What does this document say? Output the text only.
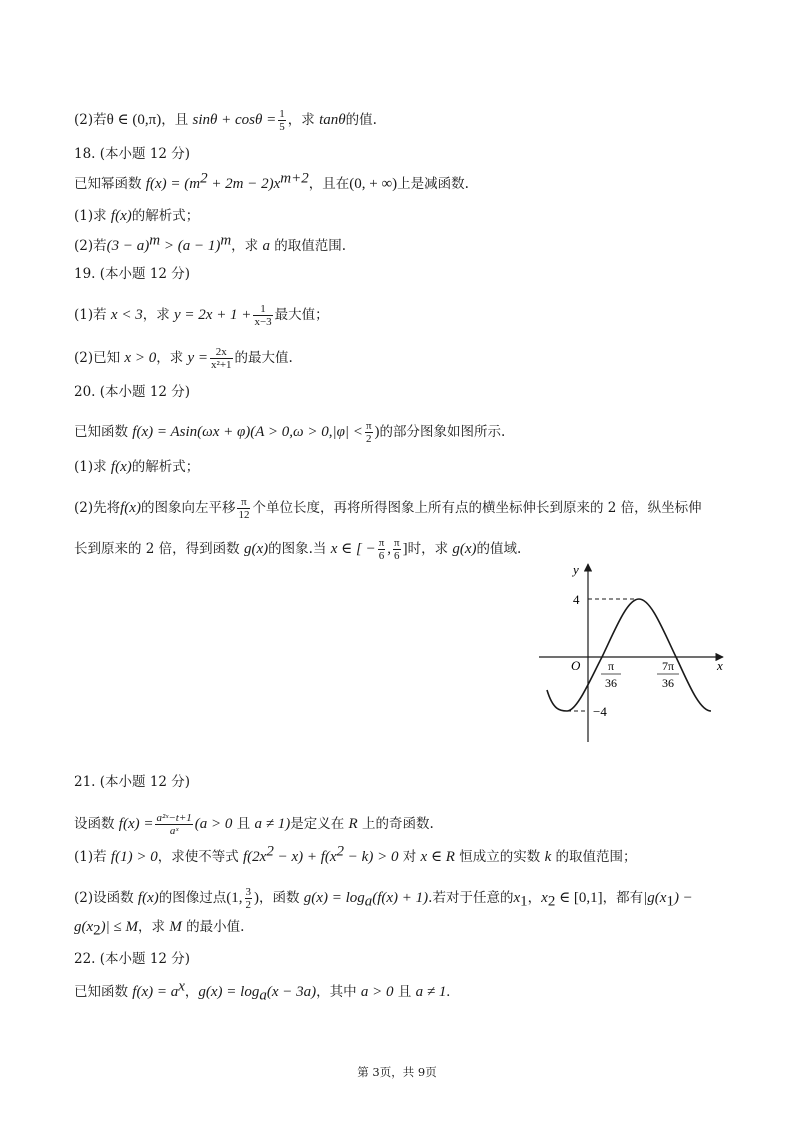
(2)若θ ∈ (0,π)，且 $\sin\theta + \cos\theta = \frac{1}{5}$ ，求 tanθ的值.
18. (本小题 12 分)
已知幂函数 $f(x) = (m^2 + 2m - 2)x^{m+2}$，且在(0, + ∞)上是减函数.
(1)求 f(x)的解析式；
(2)若$(3 - a)^m > (a - 1)^m$，求 a 的取值范围.
19. (本小题 12 分)
(1)若 x < 3，求 $y = 2x + 1 + \frac{1}{x-3}$ 最大值；
(2)已知 x > 0，求 $y = \frac{2x}{\text{x²+1}}$ 的最大值.
20. (本小题 12 分)
已知函数 $f(x) = Asin(\omega x + \varphi)(A > 0,\omega > 0,|\varphi| < \frac{\pi}{2}$ )的部分图象如图所示.
(1)求 f(x)的解析式；
(2)先将f(x)的图象向左平移 $\frac{\pi}{12}$ 个单位长度，再将所得图象上所有点的横坐标伸长到原来的 2 倍，纵坐标伸
长到原来的 2 倍，得到函数 g(x)的图象.当 x ∈ [ − $\frac{\pi}{6}$ , $\frac{\pi}{6}$ ]时，求 g(x)的值域.
y
x
O
4
−4
π
36
7π
36
21. (本小题 12 分)
设函数 $f(x) = \frac{\text{a²ˣ−t+1}}{\text{aˣ}} (a > 0$ 且 a ≠ 1)是定义在 R 上的奇函数.
(1)若 f(1) > 0，求使不等式 $f(2x^2 - x) + f(x^2 - k) > 0$ 对 x ∈ R 恒成立的实数 k 的取值范围；
(2)设函数 f(x)的图像过点(1, $\frac{3}{2}$ )，函数 $g(x) = \log_a(f(x) + 1)$.若对于任意的$x_1$，$x_2$ ∈ [0,1]，都有$|g(x_1)$ −
$g(x_2)| \le M$，求 M 的最小值.
22. (本小题 12 分)
已知函数 $f(x) = a^x$，$g(x) = \log_a(x - 3a)$，其中 a > 0 且 a ≠ 1.
第 3页，共 9页
